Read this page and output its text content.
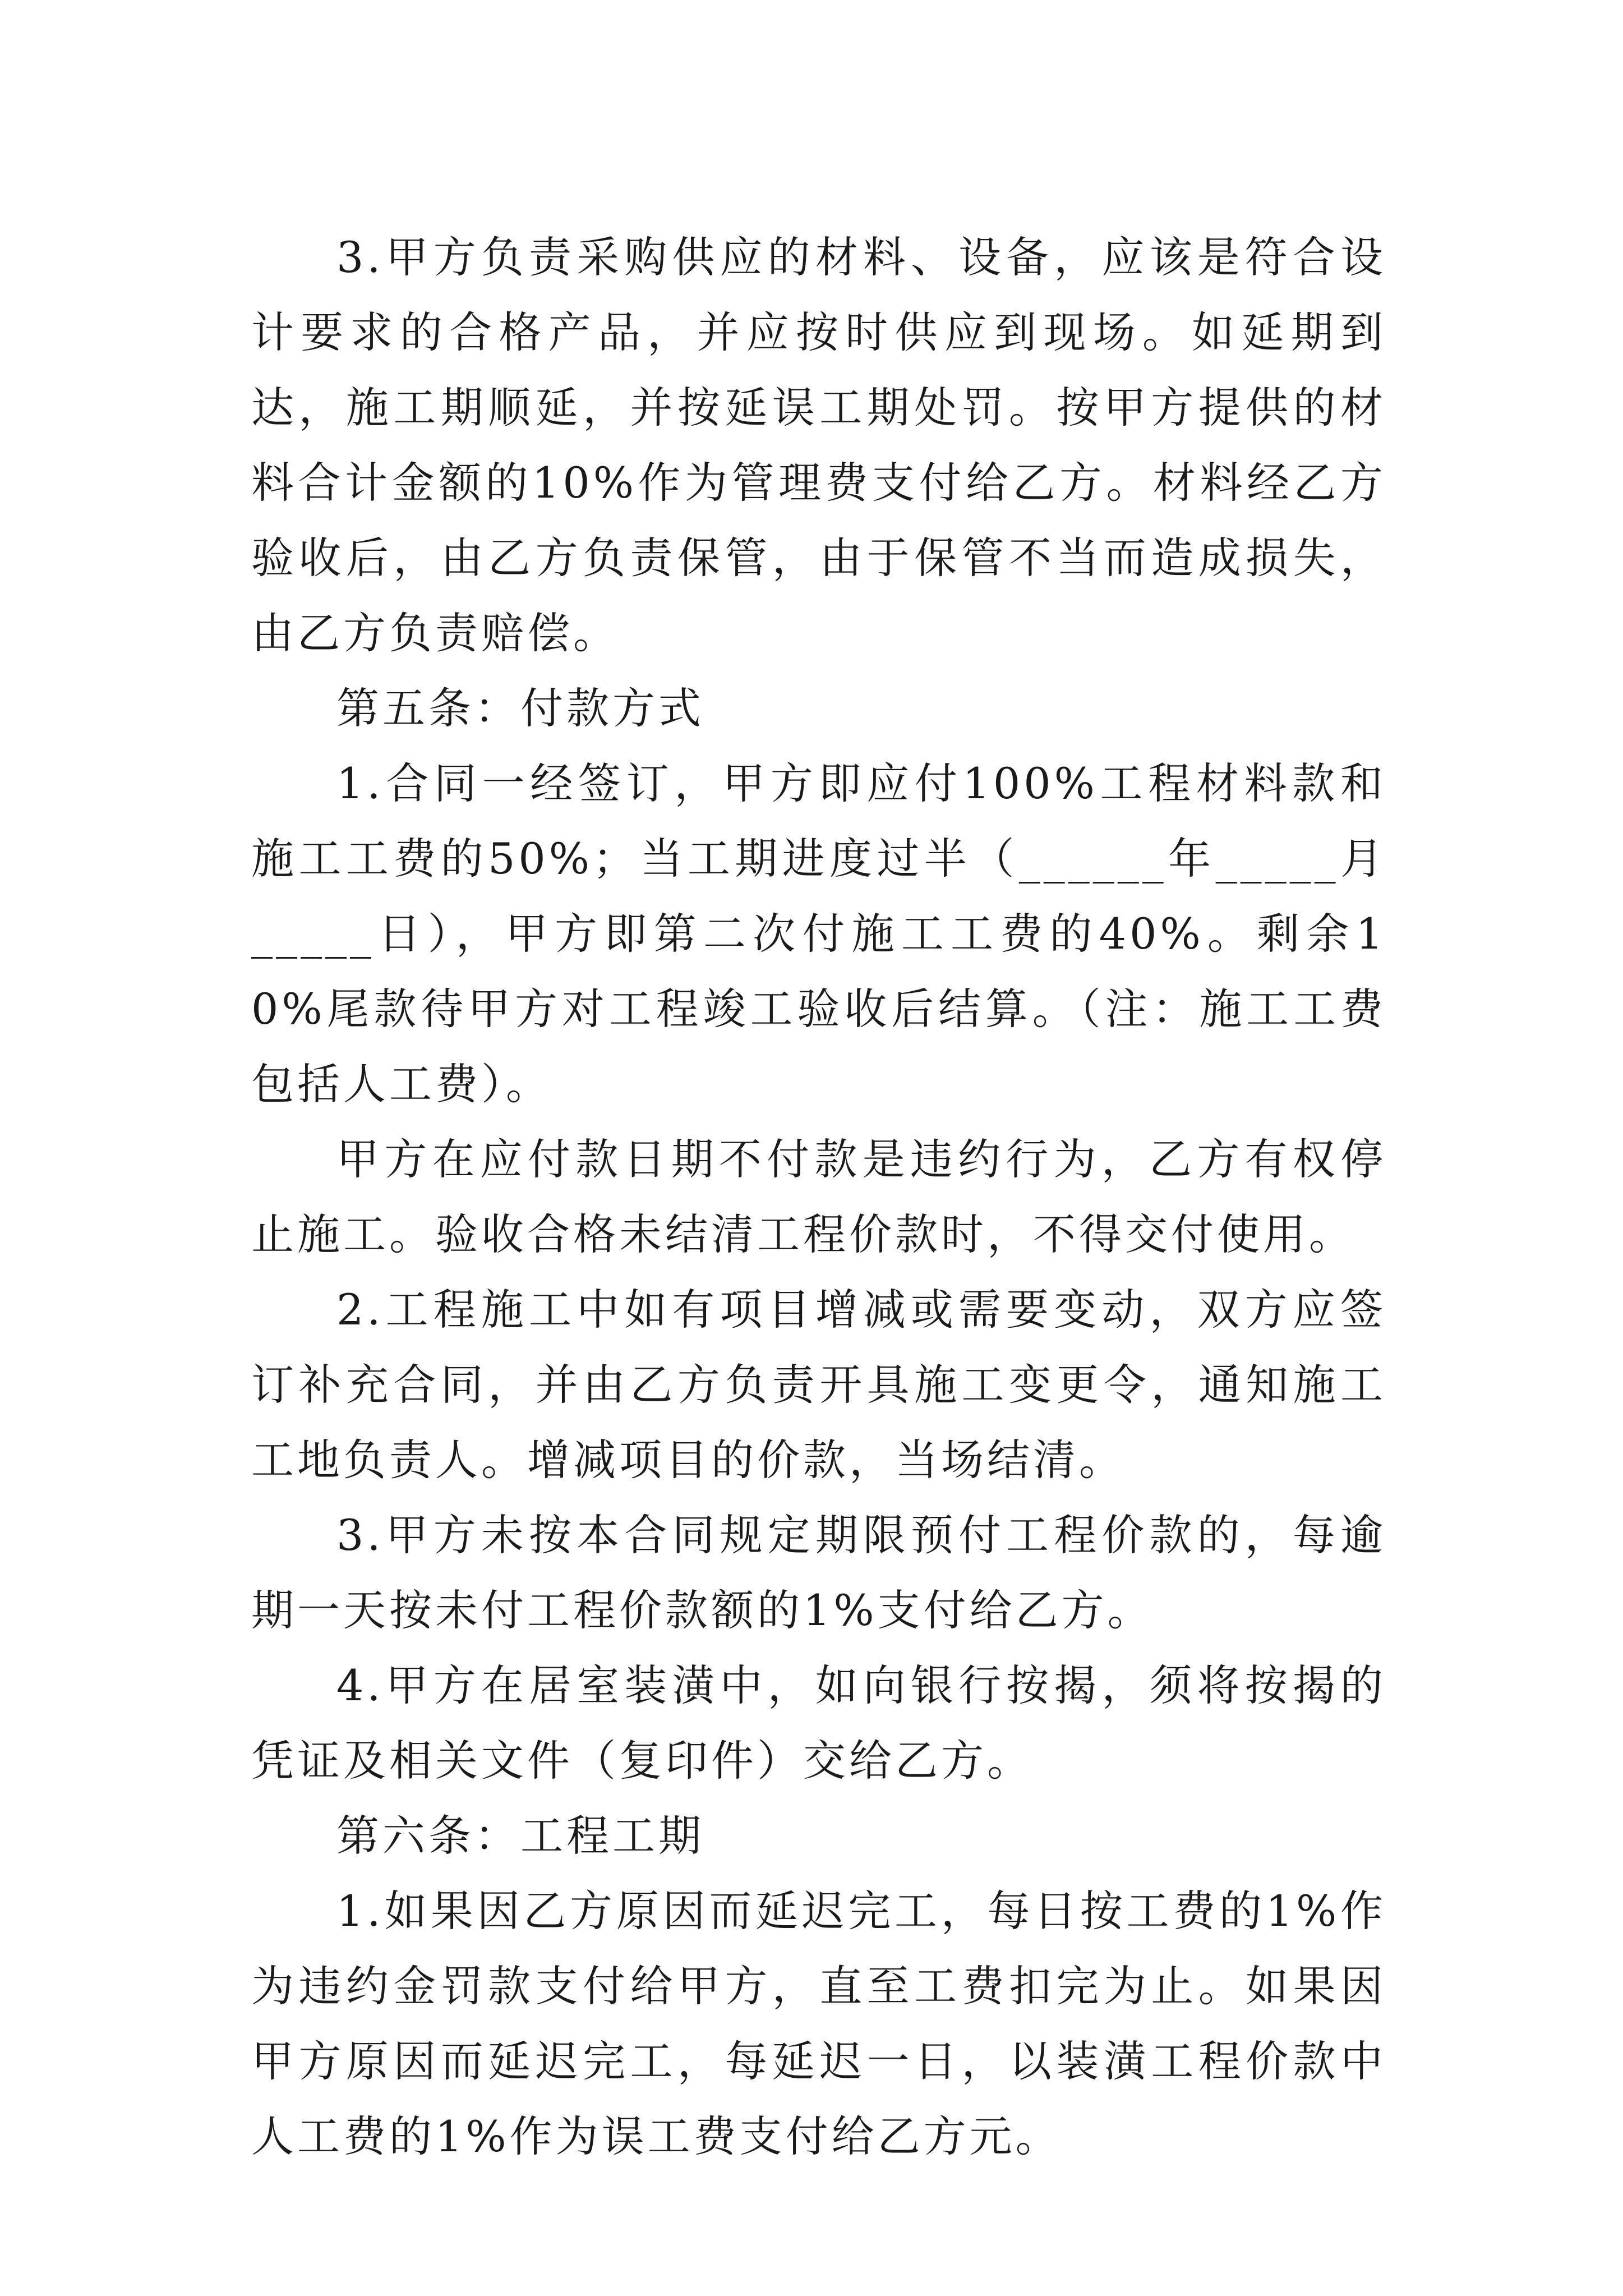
3.甲方负责采购供应的材料、设备，应该是符合设计要求的合格产品，并应按时供应到现场。如延期到达，施工期顺延，并按延误工期处罚。按甲方提供的材料合计金额的10%作为管理费支付给乙方。材料经乙方验收后，由乙方负责保管，由于保管不当而造成损失，由乙方负责赔偿。

第五条：付款方式

1.合同一经签订，甲方即应付100%工程材料款和施工工费的50%；当工期进度过半（______年_____月_____日），甲方即第二次付施工工费的40%。剩余10%尾款待甲方对工程竣工验收后结算。（注：施工工费包括人工费）。

甲方在应付款日期不付款是违约行为，乙方有权停止施工。验收合格未结清工程价款时，不得交付使用。

2.工程施工中如有项目增减或需要变动，双方应签订补充合同，并由乙方负责开具施工变更令，通知施工工地负责人。增减项目的价款，当场结清。

3.甲方未按本合同规定期限预付工程价款的，每逾期一天按未付工程价款额的1%支付给乙方。

4.甲方在居室装潢中，如向银行按揭，须将按揭的凭证及相关文件（复印件）交给乙方。

第六条：工程工期

1.如果因乙方原因而延迟完工，每日按工费的1%作为违约金罚款支付给甲方，直至工费扣完为止。如果因甲方原因而延迟完工，每延迟一日，以装潢工程价款中人工费的1%作为误工费支付给乙方元。
